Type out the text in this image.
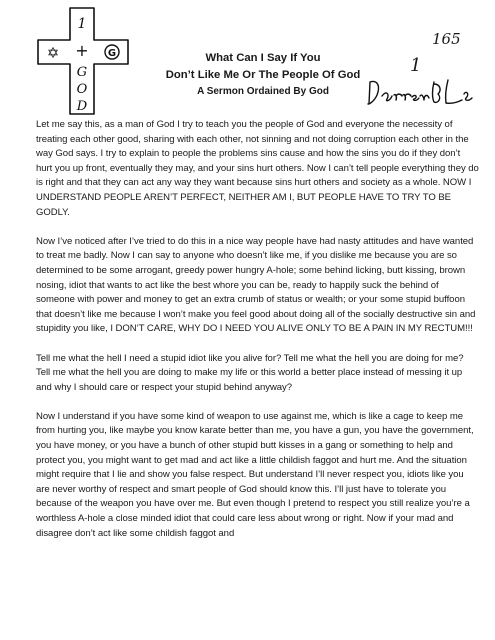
1
+
G
O
D
✡	G	What Can I Say If You
Don’t Like Me Or The People Of God
A Sermon Ordained By God
165
1

Let me say this, as a man of God I try to teach you the people of God and everyone the necessity of treating each other good, sharing with each other, not sinning and not doing corruption each other in the way God says. I try to explain to people the problems sins cause and how the sins you do if they don’t hurt you up front, eventually they may, and your sins hurt others. Now I can’t tell people everything they do is right and that they can act any way they want because sins hurt others and society as a whole. NOW I UNDERSTAND PEOPLE AREN’T PERFECT, NEITHER AM I, BUT PEOPLE HAVE TO TRY TO BE GODLY.

Now I’ve noticed after I’ve tried to do this in a nice way people have had nasty attitudes and have wanted to treat me badly. Now I can say to anyone who doesn’t like me, if you dislike me because you are so determined to be some arrogant, greedy power hungry A-hole; some behind licking, butt kissing, brown nosing, idiot that wants to act like the best whore you can be, ready to happily suck the behind of someone with power and money to get an extra crumb of status or wealth; or your some stupid buffoon that doesn’t like me because I won’t make you feel good about doing all of the socially destructive sin and stupidity you like, I DON’T CARE, WHY DO I NEED YOU ALIVE ONLY TO BE A PAIN IN MY RECTUM!!!

Tell me what the hell I need a stupid idiot like you alive for? Tell me what the hell you are doing for me? Tell me what the hell you are doing to make my life or this world a better place instead of messing it up and why I should care or respect your stupid behind anyway?

Now I understand if you have some kind of weapon to use against me, which is like a cage to keep me from hurting you, like maybe you know karate better than me, you have a gun, you have the government, you have money, or you have a bunch of other stupid butt kisses in a gang or something to help and protect you, you might want to get mad and act like a little childish faggot and hurt me. And the situation might require that I lie and show you false respect. But understand I’ll never respect you, idiots like you are never worthy of respect and smart people of God should know this. I’ll just have to tolerate you because of the weapon you have over me. But even though I pretend to respect you still realize you’re a worthless A-hole a close minded idiot that could care less about wrong or right. Now if your mad and disagree don’t act like some childish faggot and
